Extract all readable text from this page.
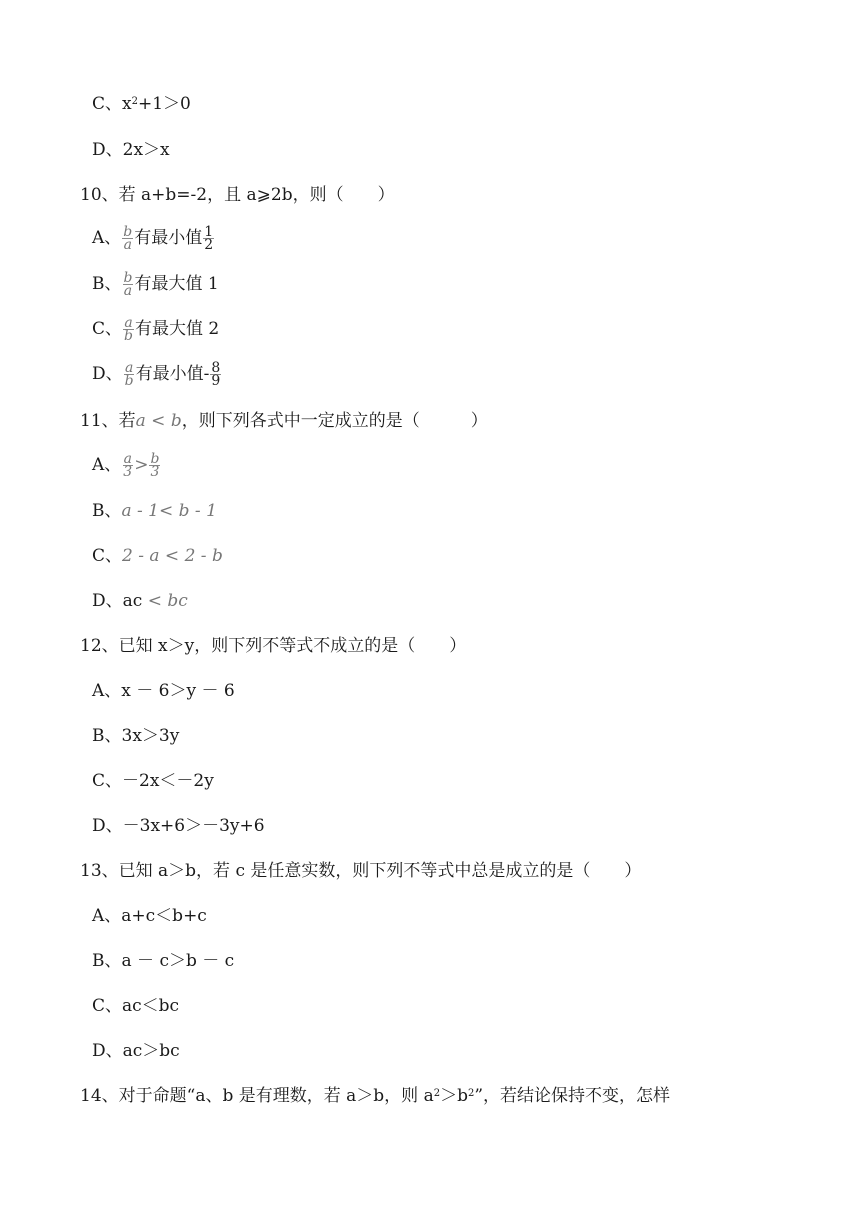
C、$x^2+1>0$
D、2x＞x
10、若 a+b=-2，且 a⩾2b，则（　　）
A、 $\frac{b}{a}$ 有最小值 $\frac{1}{2}$
B、 $\frac{b}{a}$ 有最大值 1
C、 $\frac{a}{b}$ 有最大值 2
D、 $\frac{a}{b}$ 有最小值- $\frac{8}{9}$
11、若a < b，则下列各式中一定成立的是（　　　）
A、 $\frac{a}{3} > \frac{b}{3}$
B、a - 1< b - 1
C、2 - a < 2 - b
D、ac < bc
12、已知 x＞y，则下列不等式不成立的是（　　）
A、x － 6＞y － 6
B、3x＞3y
C、－2x＜－2y
D、－3x+6＞－3y+6
13、已知 a＞b，若 c 是任意实数，则下列不等式中总是成立的是（　　）
A、a+c＜b+c
B、a － c＞b － c
C、ac＜bc
D、ac＞bc
14、对于命题“a、b 是有理数，若 a＞b，则 $a^2>b^2$”，若结论保持不变，怎样
